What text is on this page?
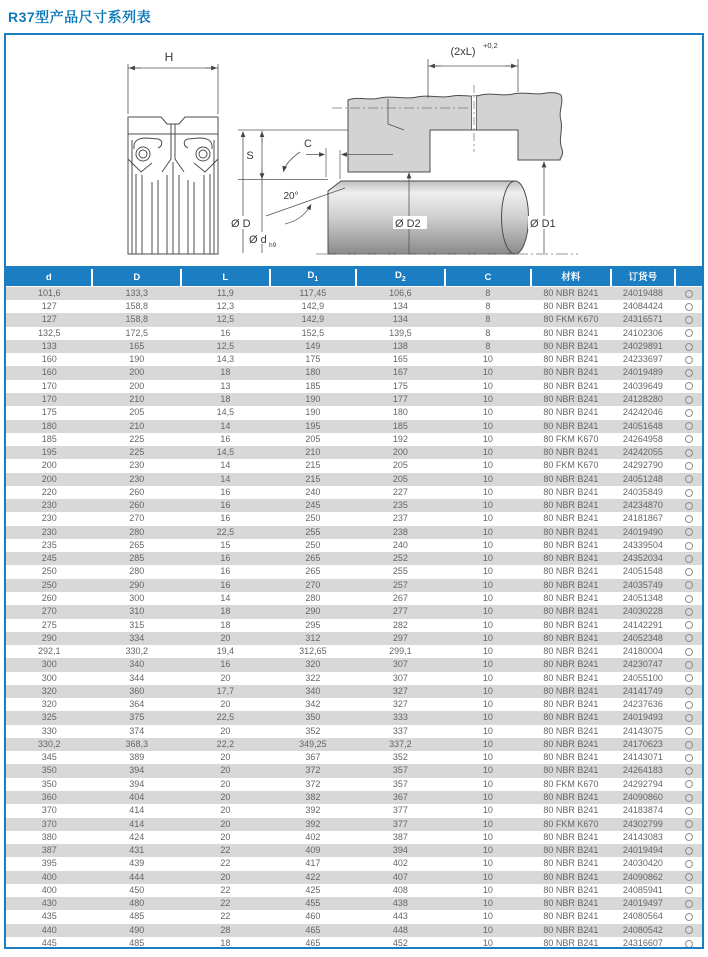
R37型产品尺寸系列表
H	(2xL)
+0,2
S
Ø D
Ø d h9
C
20°
Ø D2	Ø D1
d	D	L	$D_1$	$D_2$	C	材料	订货号	
101,6	133,3	11,9	117,45	106,6	8	80 NBR B241	24019488	
127	158,8	12,3	142,9	134	8	80 NBR B241	24084424	
127	158,8	12,5	142,9	134	8	80 FKM K670	24316571	
132,5	172,5	16	152,5	139,5	8	80 NBR B241	24102306	
133	165	12,5	149	138	8	80 NBR B241	24029891	
160	190	14,3	175	165	10	80 NBR B241	24233697	
160	200	18	180	167	10	80 NBR B241	24019489	
170	200	13	185	175	10	80 NBR B241	24039649	
170	210	18	190	177	10	80 NBR B241	24128280	
175	205	14,5	190	180	10	80 NBR B241	24242046	
180	210	14	195	185	10	80 NBR B241	24051648	
185	225	16	205	192	10	80 FKM K670	24264958	
195	225	14,5	210	200	10	80 NBR B241	24242055	
200	230	14	215	205	10	80 FKM K670	24292790	
200	230	14	215	205	10	80 NBR B241	24051248	
220	260	16	240	227	10	80 NBR B241	24035849	
230	260	16	245	235	10	80 NBR B241	24234870	
230	270	16	250	237	10	80 NBR B241	24181867	
230	280	22,5	255	238	10	80 NBR B241	24019490	
235	265	15	250	240	10	80 NBR B241	24339504	
245	285	16	265	252	10	80 NBR B241	24352034	
250	280	16	265	255	10	80 NBR B241	24051548	
250	290	16	270	257	10	80 NBR B241	24035749	
260	300	14	280	267	10	80 NBR B241	24051348	
270	310	18	290	277	10	80 NBR B241	24030228	
275	315	18	295	282	10	80 NBR B241	24142291	
290	334	20	312	297	10	80 NBR B241	24052348	
292,1	330,2	19,4	312,65	299,1	10	80 NBR B241	24180004	
300	340	16	320	307	10	80 NBR B241	24230747	
300	344	20	322	307	10	80 NBR B241	24055100	
320	360	17,7	340	327	10	80 NBR B241	24141749	
320	364	20	342	327	10	80 NBR B241	24237636	
325	375	22,5	350	333	10	80 NBR B241	24019493	
330	374	20	352	337	10	80 NBR B241	24143075	
330,2	368,3	22,2	349,25	337,2	10	80 NBR B241	24170623	
345	389	20	367	352	10	80 NBR B241	24143071	
350	394	20	372	357	10	80 NBR B241	24264183	
350	394	20	372	357	10	80 FKM K670	24292794	
360	404	20	382	367	10	80 NBR B241	24090860	
370	414	20	392	377	10	80 NBR B241	24183874	
370	414	20	392	377	10	80 FKM K670	24302799	
380	424	20	402	387	10	80 NBR B241	24143083	
387	431	22	409	394	10	80 NBR B241	24019494	
395	439	22	417	402	10	80 NBR B241	24030420	
400	444	20	422	407	10	80 NBR B241	24090862	
400	450	22	425	408	10	80 NBR B241	24085941	
430	480	22	455	438	10	80 NBR B241	24019497	
435	485	22	460	443	10	80 NBR B241	24080564	
440	490	28	465	448	10	80 NBR B241	24080542	
445	485	18	465	452	10	80 NBR B241	24316607	
